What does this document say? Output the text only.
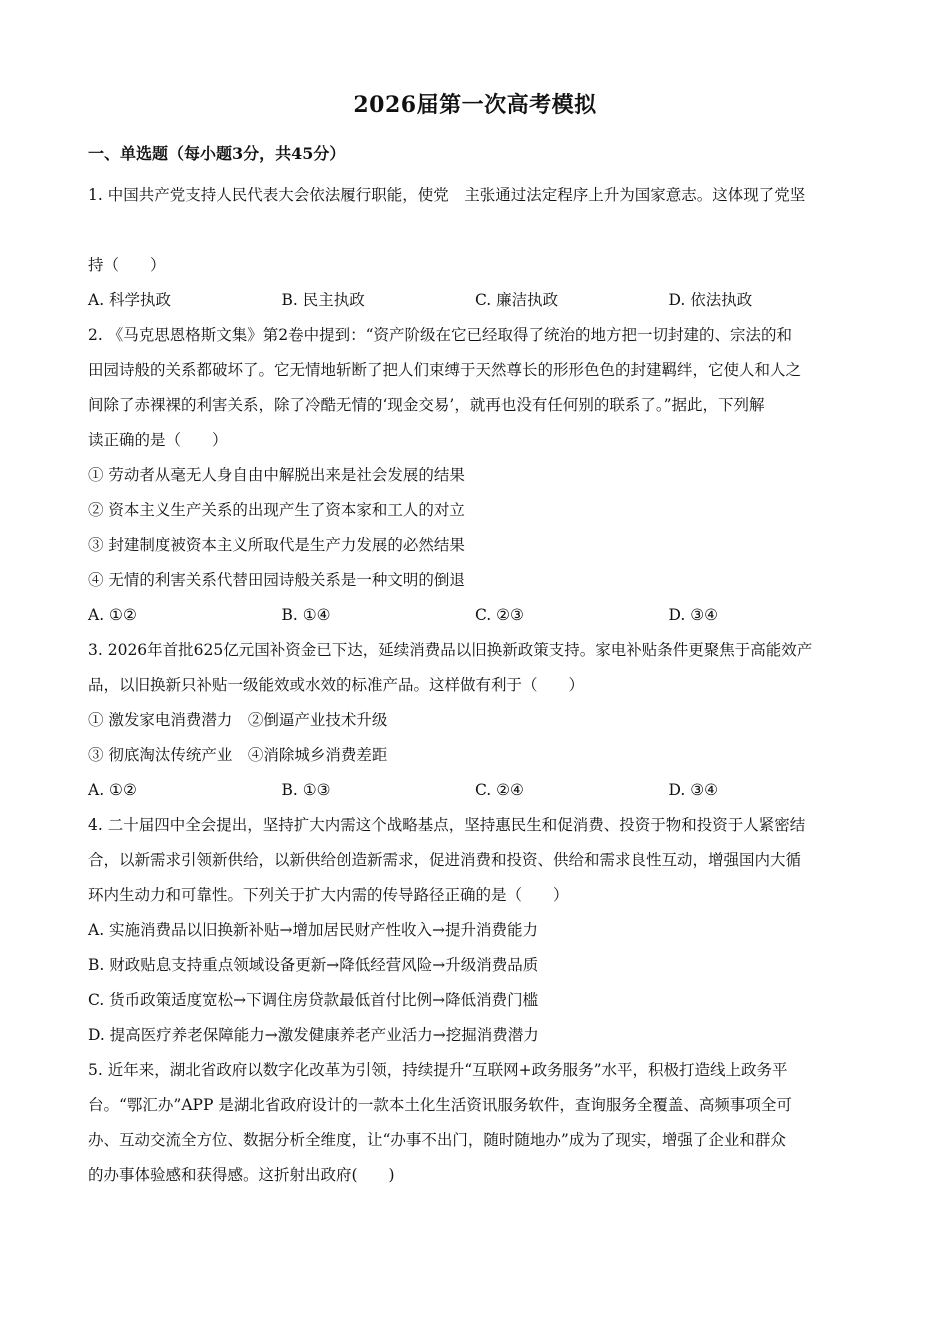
2026届第一次高考模拟
一、单选题（每小题3分，共45分）
1. 中国共产党支持人民代表大会依法履行职能，使党　主张通过法定程序上升为国家意志。这体现了党坚
持（　　）
A. 科学执政	B. 民主执政	C. 廉洁执政	D. 依法执政
2. 《马克思恩格斯文集》第2卷中提到：“资产阶级在它已经取得了统治的地方把一切封建的、宗法的和
田园诗般的关系都破坏了。它无情地斩断了把人们束缚于天然尊长的形形色色的封建羁绊，它使人和人之
间除了赤裸裸的利害关系，除了冷酷无情的‘现金交易’，就再也没有任何别的联系了。”据此，下列解
读正确的是（　　）
① 劳动者从毫无人身自由中解脱出来是社会发展的结果
② 资本主义生产关系的出现产生了资本家和工人的对立
③ 封建制度被资本主义所取代是生产力发展的必然结果
④ 无情的利害关系代替田园诗般关系是一种文明的倒退
A. ①②	B. ①④	C. ②③	D. ③④
3. 2026年首批625亿元国补资金已下达，延续消费品以旧换新政策支持。家电补贴条件更聚焦于高能效产
品，以旧换新只补贴一级能效或水效的标准产品。这样做有利于（　　）
① 激发家电消费潜力　②倒逼产业技术升级
③ 彻底淘汰传统产业　④消除城乡消费差距
A. ①②	B. ①③	C. ②④	D. ③④
4. 二十届四中全会提出，坚持扩大内需这个战略基点，坚持惠民生和促消费、投资于物和投资于人紧密结
合，以新需求引领新供给，以新供给创造新需求，促进消费和投资、供给和需求良性互动，增强国内大循
环内生动力和可靠性。下列关于扩大内需的传导路径正确的是（　　）
A. 实施消费品以旧换新补贴→增加居民财产性收入→提升消费能力
B. 财政贴息支持重点领域设备更新→降低经营风险→升级消费品质
C. 货币政策适度宽松→下调住房贷款最低首付比例→降低消费门槛
D. 提高医疗养老保障能力→激发健康养老产业活力→挖掘消费潜力
5. 近年来，湖北省政府以数字化改革为引领，持续提升“互联网+政务服务”水平，积极打造线上政务平
台。“鄂汇办”APP 是湖北省政府设计的一款本土化生活资讯服务软件，查询服务全覆盖、高频事项全可
办、互动交流全方位、数据分析全维度，让“办事不出门，随时随地办”成为了现实，增强了企业和群众
的办事体验感和获得感。这折射出政府(　　)
